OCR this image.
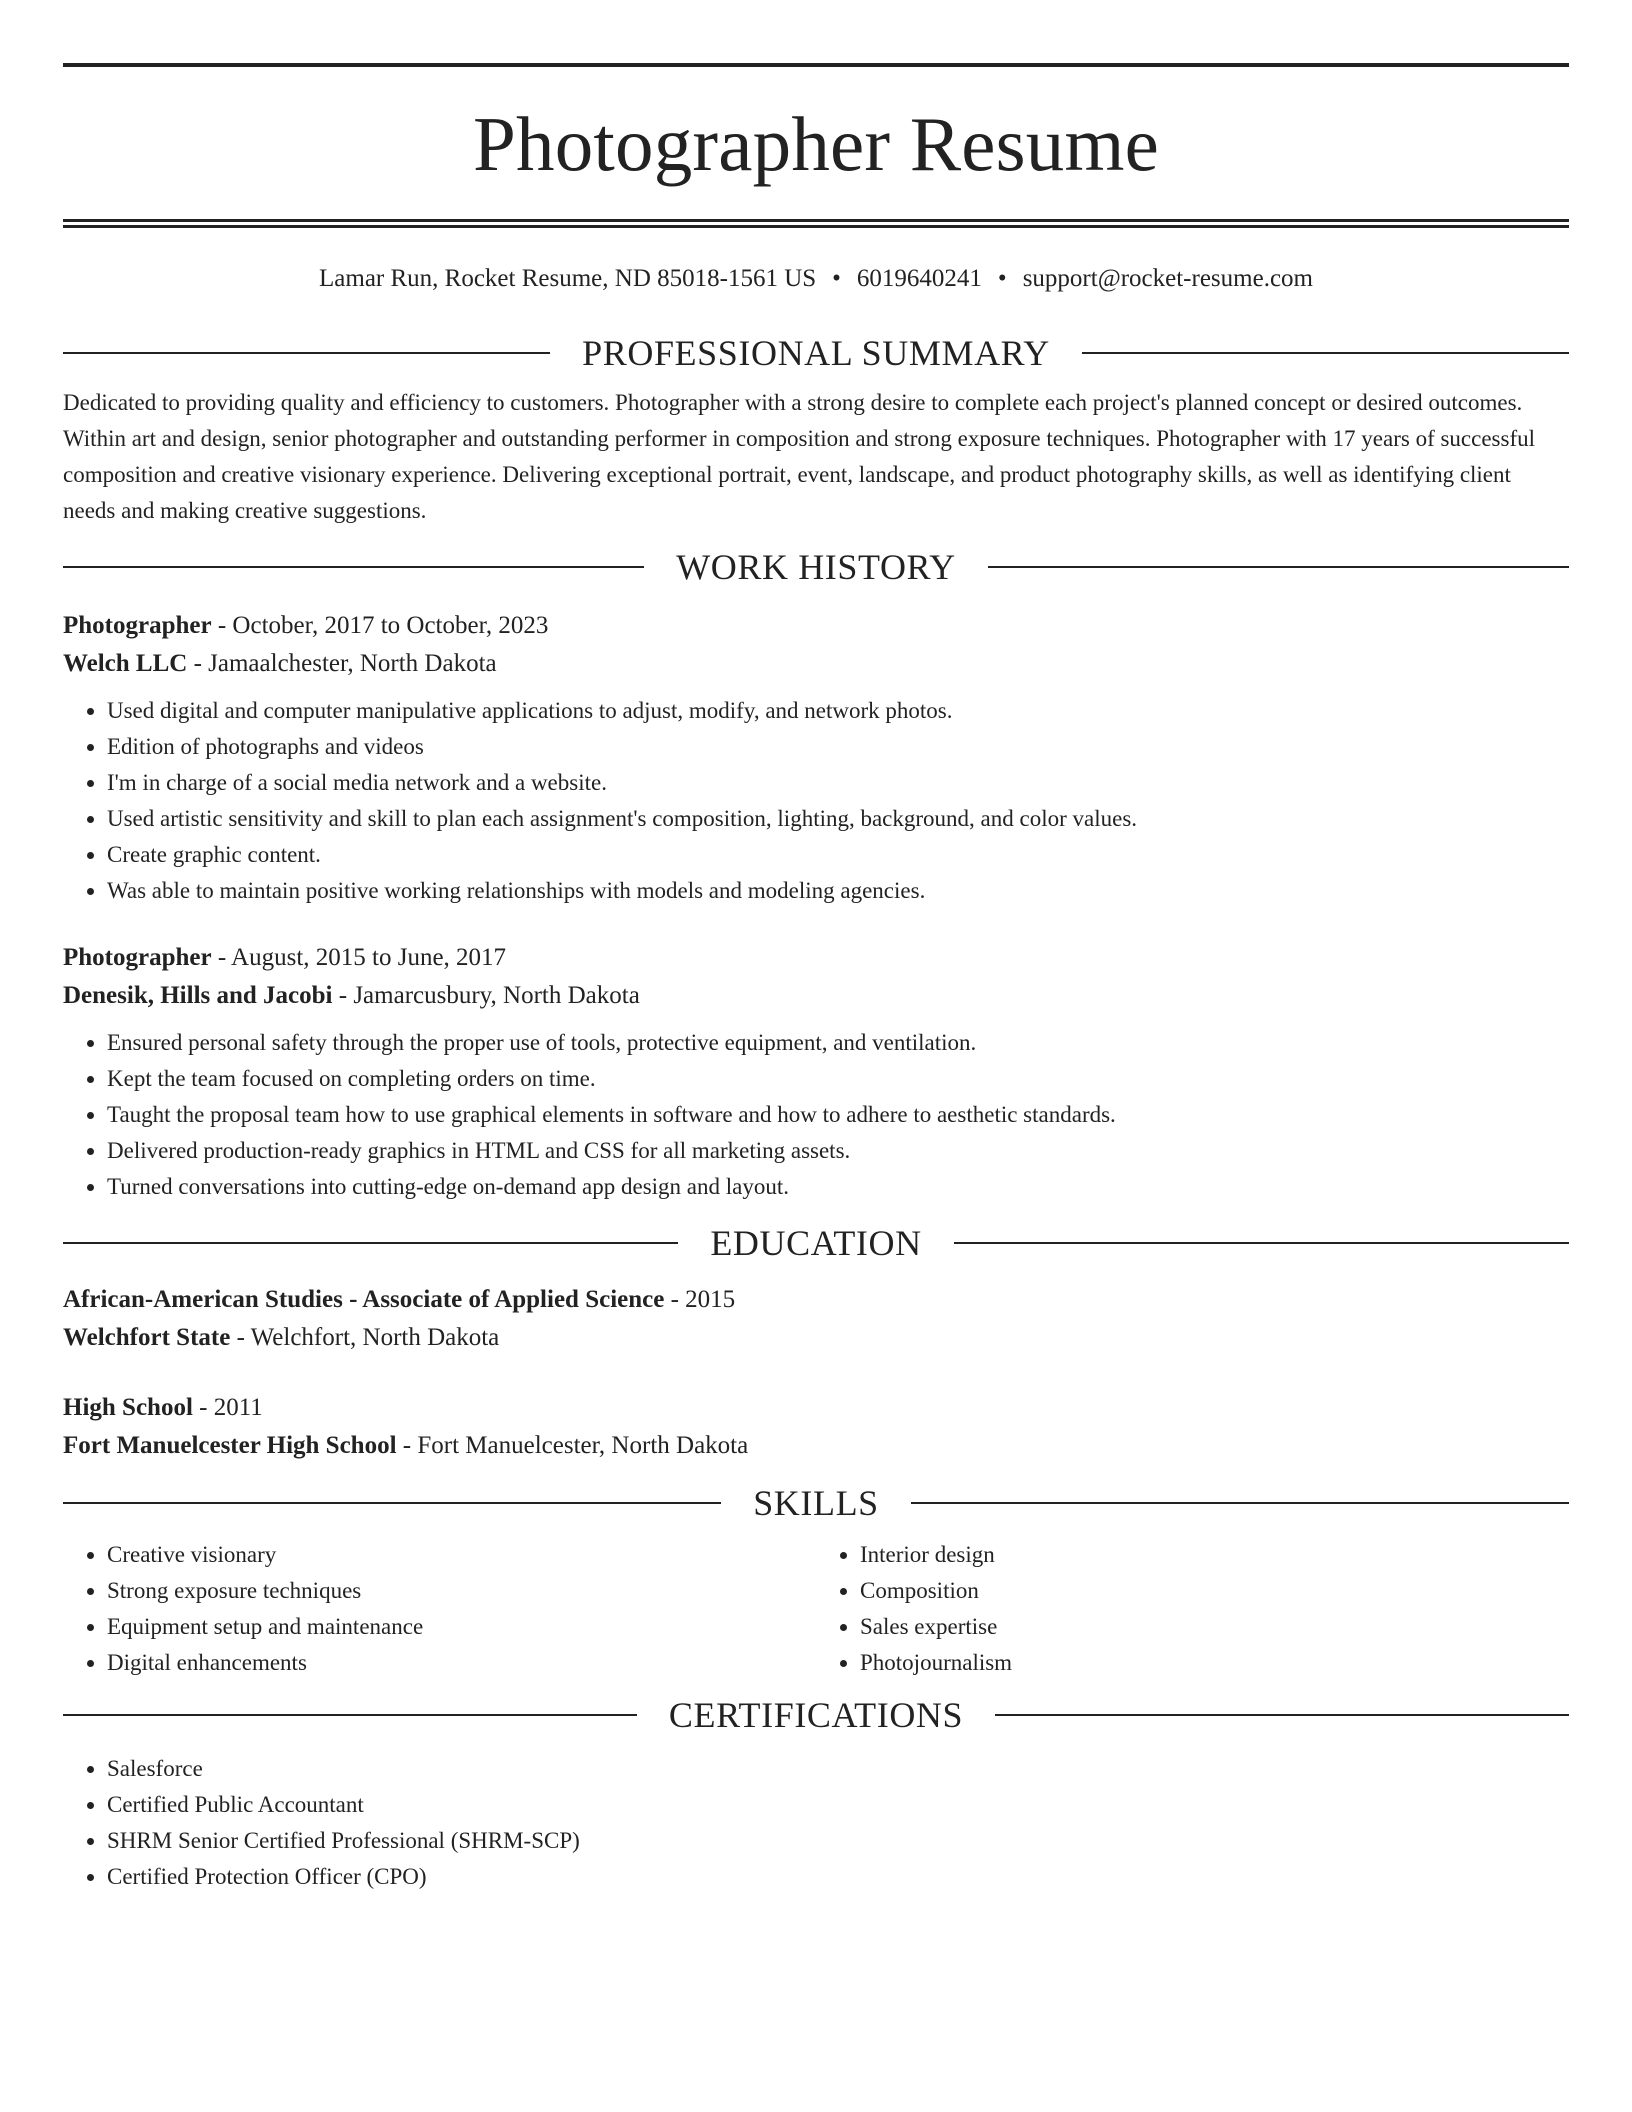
Photographer Resume
Lamar Run, Rocket Resume, ND 85018-1561 US • 6019640241 • support@rocket-resume.com
PROFESSIONAL SUMMARY

Dedicated to providing quality and efficiency to customers. Photographer with a strong desire to complete each project's planned concept or desired outcomes. Within art and design, senior photographer and outstanding performer in composition and strong exposure techniques. Photographer with 17 years of successful composition and creative visionary experience. Delivering exceptional portrait, event, landscape, and product photography skills, as well as identifying client needs and making creative suggestions.

WORK HISTORY

Photographer - October, 2017 to October, 2023

Welch LLC - Jamaalchester, North Dakota

• Used digital and computer manipulative applications to adjust, modify, and network photos.
• Edition of photographs and videos
• I'm in charge of a social media network and a website.
• Used artistic sensitivity and skill to plan each assignment's composition, lighting, background, and color values.
• Create graphic content.
• Was able to maintain positive working relationships with models and modeling agencies.

Photographer - August, 2015 to June, 2017

Denesik, Hills and Jacobi - Jamarcusbury, North Dakota

• Ensured personal safety through the proper use of tools, protective equipment, and ventilation.
• Kept the team focused on completing orders on time.
• Taught the proposal team how to use graphical elements in software and how to adhere to aesthetic standards.
• Delivered production-ready graphics in HTML and CSS for all marketing assets.
• Turned conversations into cutting-edge on-demand app design and layout.
EDUCATION

African-American Studies - Associate of Applied Science - 2015

Welchfort State - Welchfort, North Dakota

High School - 2011

Fort Manuelcester High School - Fort Manuelcester, North Dakota

SKILLS
• Creative visionary
• Strong exposure techniques
• Equipment setup and maintenance
• Digital enhancements
• Interior design
• Composition
• Sales expertise
• Photojournalism
CERTIFICATIONS
• Salesforce
• Certified Public Accountant
• SHRM Senior Certified Professional (SHRM-SCP)
• Certified Protection Officer (CPO)
